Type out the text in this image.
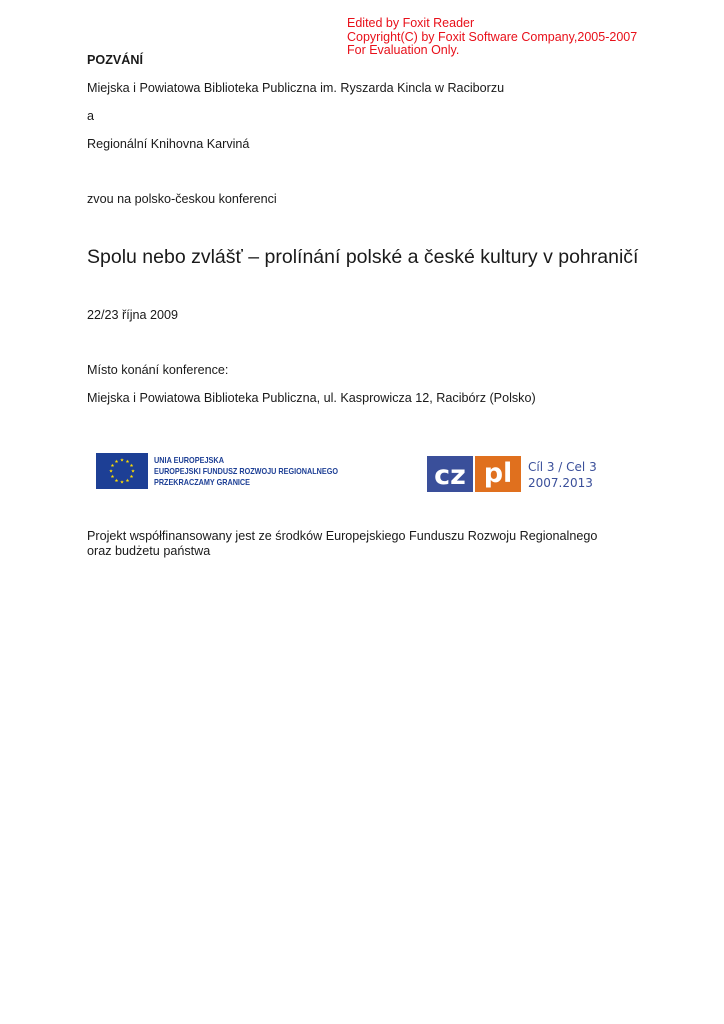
Edited by Foxit Reader
Copyright(C) by Foxit Software Company,2005-2007
For Evaluation Only.
POZVÁNÍ
Miejska i Powiatowa Biblioteka Publiczna im. Ryszarda Kincla w Raciborzu
a
Regionální Knihovna Karviná
zvou na polsko-českou konferenci
Spolu nebo zvlášť – prolínání polské a české kultury v pohraničí
22/23 října 2009
Místo konání konference:
Miejska i Powiatowa Biblioteka Publiczna, ul. Kasprowicza 12, Racibórz (Polsko)
UNIA EUROPEJSKA
EUROPEJSKI FUNDUSZ ROZWOJU REGIONALNEGO
PRZEKRACZAMY GRANICE	cz pl Cíl 3 / Cel 3
2007.2013
Projekt współfinansowany jest ze środków Europejskiego Funduszu Rozwoju Regionalnego
oraz budżetu państwa
